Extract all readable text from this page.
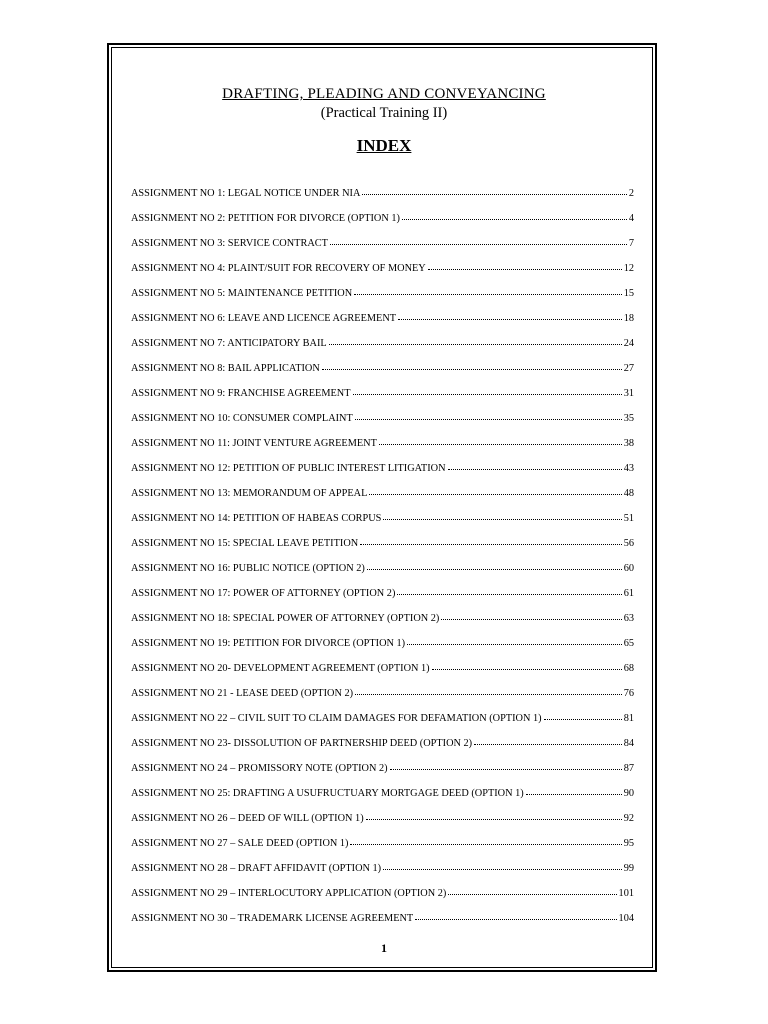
DRAFTING, PLEADING AND CONVEYANCING
(Practical Training II)
INDEX
ASSIGNMENT NO 1: LEGAL NOTICE UNDER NIA	2
ASSIGNMENT NO 2: PETITION FOR DIVORCE (OPTION 1)	4
ASSIGNMENT NO 3: SERVICE CONTRACT	7
ASSIGNMENT NO 4: PLAINT/SUIT FOR RECOVERY OF MONEY	12
ASSIGNMENT NO 5: MAINTENANCE PETITION	15
ASSIGNMENT NO 6: LEAVE AND LICENCE AGREEMENT	18
ASSIGNMENT NO 7: ANTICIPATORY BAIL	24
ASSIGNMENT NO 8: BAIL APPLICATION	27
ASSIGNMENT NO 9: FRANCHISE AGREEMENT	31
ASSIGNMENT NO 10: CONSUMER COMPLAINT	35
ASSIGNMENT NO 11: JOINT VENTURE AGREEMENT	38
ASSIGNMENT NO 12: PETITION OF PUBLIC INTEREST LITIGATION	43
ASSIGNMENT NO 13: MEMORANDUM OF APPEAL	48
ASSIGNMENT NO 14: PETITION OF HABEAS CORPUS	51
ASSIGNMENT NO 15: SPECIAL LEAVE PETITION	56
ASSIGNMENT NO 16: PUBLIC NOTICE (OPTION 2)	60
ASSIGNMENT NO 17: POWER OF ATTORNEY (OPTION 2)	61
ASSIGNMENT NO 18: SPECIAL POWER OF ATTORNEY (OPTION 2)	63
ASSIGNMENT NO 19: PETITION FOR DIVORCE (OPTION 1)	65
ASSIGNMENT NO 20- DEVELOPMENT AGREEMENT (OPTION 1)	68
ASSIGNMENT NO 21 - LEASE DEED (OPTION 2)	76
ASSIGNMENT NO 22 – CIVIL SUIT TO CLAIM DAMAGES FOR DEFAMATION (OPTION 1)	81
ASSIGNMENT NO 23- DISSOLUTION OF PARTNERSHIP DEED (OPTION 2)	84
ASSIGNMENT NO 24 – PROMISSORY NOTE (OPTION 2)	87
ASSIGNMENT NO 25: DRAFTING A USUFRUCTUARY MORTGAGE DEED (OPTION 1)	90
ASSIGNMENT NO 26 – DEED OF WILL (OPTION 1)	92
ASSIGNMENT NO 27 – SALE DEED (OPTION 1)	95
ASSIGNMENT NO 28 – DRAFT AFFIDAVIT (OPTION 1)	99
ASSIGNMENT NO 29 – INTERLOCUTORY APPLICATION (OPTION 2)	101
ASSIGNMENT NO 30 – TRADEMARK LICENSE AGREEMENT	104
1
